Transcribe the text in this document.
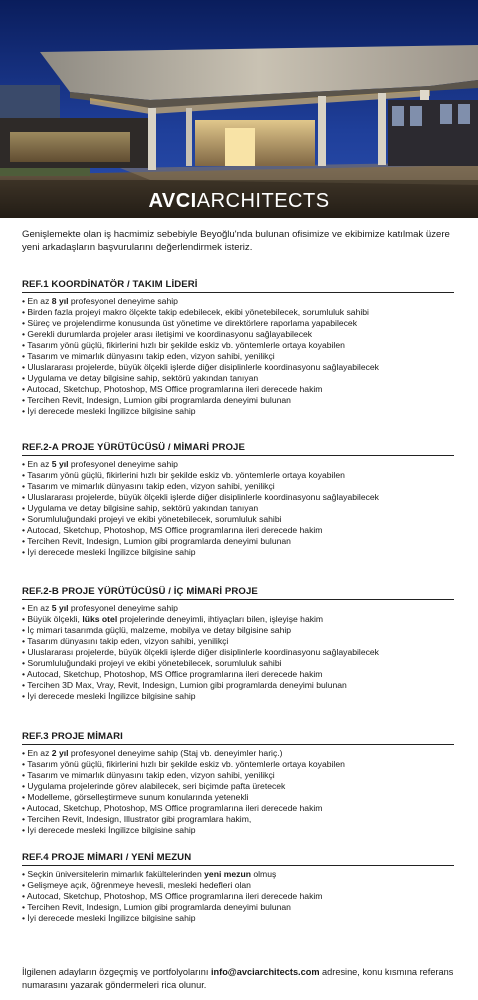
AVCIARCHITECTS
Genişlemekte olan iş hacmimiz sebebiyle Beyoğlu'nda bulunan ofisimize ve ekibimize katılmak üzere yeni arkadaşların başvurularını değerlendirmek isteriz.
REF.1 KOORDİNATÖR / TAKIM LİDERİ
• En az 8 yıl profesyonel deneyime sahip
• Birden fazla projeyi makro ölçekte takip edebilecek, ekibi yönetebilecek, sorumluluk sahibi
• Süreç ve projelendirme konusunda üst yönetime ve direktörlere raporlama yapabilecek
• Gerekli durumlarda projeler arası iletişimi ve koordinasyonu sağlayabilecek
• Tasarım yönü güçlü, fikirlerini hızlı bir şekilde eskiz vb. yöntemlerle ortaya koyabilen
• Tasarım ve mimarlık dünyasını takip eden, vizyon sahibi, yenilikçi
• Uluslararası projelerde, büyük ölçekli işlerde diğer disiplinlerle koordinasyonu sağlayabilecek
• Uygulama ve detay bilgisine sahip, sektörü yakından tanıyan
• Autocad, Sketchup, Photoshop, MS Office programlarına ileri derecede hakim
• Tercihen Revit, Indesign, Lumion gibi programlarda deneyimi bulunan
• İyi derecede mesleki İngilizce bilgisine sahip
REF.2-A PROJE YÜRÜTÜCÜSÜ / MİMARİ PROJE
• En az 5 yıl profesyonel deneyime sahip
• Tasarım yönü güçlü, fikirlerini hızlı bir şekilde eskiz vb. yöntemlerle ortaya koyabilen
• Tasarım ve mimarlık dünyasını takip eden, vizyon sahibi, yenilikçi
• Uluslararası projelerde, büyük ölçekli işlerde diğer disiplinlerle koordinasyonu sağlayabilecek
• Uygulama ve detay bilgisine sahip, sektörü yakından tanıyan
• Sorumluluğundaki projeyi ve ekibi yönetebilecek, sorumluluk sahibi
• Autocad, Sketchup, Photoshop, MS Office programlarına ileri derecede hakim
• Tercihen Revit, Indesign, Lumion gibi programlarda deneyimi bulunan
• İyi derecede mesleki İngilizce bilgisine sahip
REF.2-B PROJE YÜRÜTÜCÜSÜ / İÇ MİMARİ PROJE
• En az 5 yıl profesyonel deneyime sahip
• Büyük ölçekli, lüks otel projelerinde deneyimli, ihtiyaçları bilen, işleyişe hakim
• İç mimari tasarımda güçlü, malzeme, mobilya ve detay bilgisine sahip
• Tasarım dünyasını takip eden, vizyon sahibi, yenilikçi
• Uluslararası projelerde, büyük ölçekli işlerde diğer disiplinlerle koordinasyonu sağlayabilecek
• Sorumluluğundaki projeyi ve ekibi yönetebilecek, sorumluluk sahibi
• Autocad, Sketchup, Photoshop, MS Office programlarına ileri derecede hakim
• Tercihen 3D Max, Vray, Revit, Indesign, Lumion gibi programlarda deneyimi bulunan
• İyi derecede mesleki İngilizce bilgisine sahip
REF.3 PROJE MİMARI
• En az 2 yıl profesyonel deneyime sahip (Staj vb. deneyimler hariç.)
• Tasarım yönü güçlü, fikirlerini hızlı bir şekilde eskiz vb. yöntemlerle ortaya koyabilen
• Tasarım ve mimarlık dünyasını takip eden, vizyon sahibi, yenilikçi
• Uygulama projelerinde görev alabilecek, seri biçimde pafta üretecek
• Modelleme, görselleştirmeve sunum konularında yetenekli
• Autocad, Sketchup, Photoshop, MS Office programlarına ileri derecede hakim
• Tercihen Revit, Indesign, Illustrator gibi programlara hakim,
• İyi derecede mesleki İngilizce bilgisine sahip
REF.4 PROJE MİMARI / YENİ MEZUN
• Seçkin üniversitelerin mimarlık fakültelerinden yeni mezun olmuş
• Gelişmeye açık, öğrenmeye hevesli, mesleki hedefleri olan
• Autocad, Sketchup, Photoshop, MS Office programlarına ileri derecede hakim
• Tercihen Revit, Indesign, Lumion gibi programlarda deneyimi bulunan
• İyi derecede mesleki İngilizce bilgisine sahip
İlgilenen adayların özgeçmiş ve portfolyolarını info@avciarchitects.com adresine, konu kısmına referans numarasını yazarak göndermeleri rica olunur.
